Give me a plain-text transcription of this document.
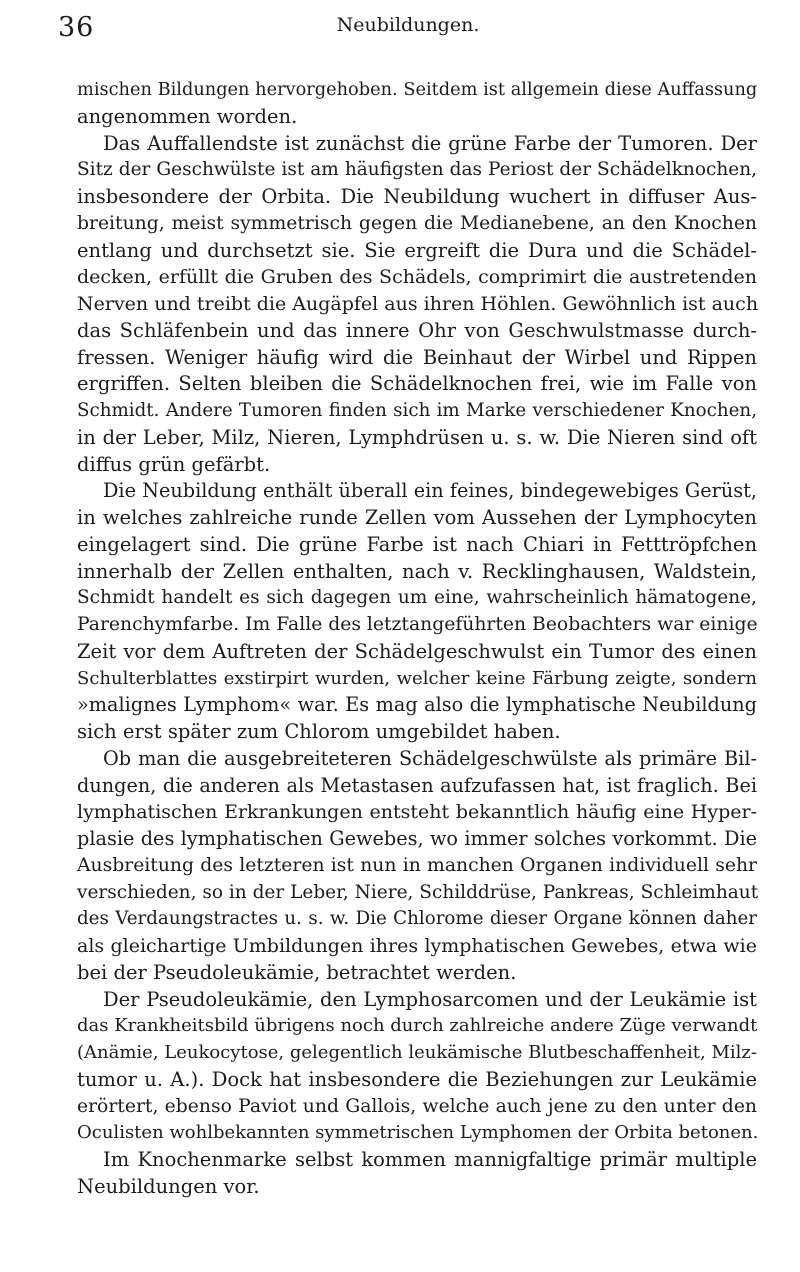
36	Neubildungen.
mischen Bildungen hervorgehoben. Seitdem ist allgemein diese Auffassung
angenommen worden.
Das Auffallendste ist zunächst die grüne Farbe der Tumoren. Der
Sitz der Geschwülste ist am häufigsten das Periost der Schädelknochen,
insbesondere der Orbita. Die Neubildung wuchert in diffuser Aus-
breitung, meist symmetrisch gegen die Medianebene, an den Knochen
entlang und durchsetzt sie. Sie ergreift die Dura und die Schädel-
decken, erfüllt die Gruben des Schädels, comprimirt die austretenden
Nerven und treibt die Augäpfel aus ihren Höhlen. Gewöhnlich ist auch
das Schläfenbein und das innere Ohr von Geschwulstmasse durch-
fressen. Weniger häufig wird die Beinhaut der Wirbel und Rippen
ergriffen. Selten bleiben die Schädelknochen frei, wie im Falle von
Schmidt. Andere Tumoren finden sich im Marke verschiedener Knochen,
in der Leber, Milz, Nieren, Lymphdrüsen u. s. w. Die Nieren sind oft
diffus grün gefärbt.
Die Neubildung enthält überall ein feines, bindegewebiges Gerüst,
in welches zahlreiche runde Zellen vom Aussehen der Lymphocyten
eingelagert sind. Die grüne Farbe ist nach Chiari in Fetttröpfchen
innerhalb der Zellen enthalten, nach v. Recklinghausen, Waldstein,
Schmidt handelt es sich dagegen um eine, wahrscheinlich hämatogene,
Parenchymfarbe. Im Falle des letztangeführten Beobachters war einige
Zeit vor dem Auftreten der Schädelgeschwulst ein Tumor des einen
Schulterblattes exstirpirt wurden, welcher keine Färbung zeigte, sondern
»malignes Lymphom« war. Es mag also die lymphatische Neubildung
sich erst später zum Chlorom umgebildet haben.
Ob man die ausgebreiteteren Schädelgeschwülste als primäre Bil-
dungen, die anderen als Metastasen aufzufassen hat, ist fraglich. Bei
lymphatischen Erkrankungen entsteht bekanntlich häufig eine Hyper-
plasie des lymphatischen Gewebes, wo immer solches vorkommt. Die
Ausbreitung des letzteren ist nun in manchen Organen individuell sehr
verschieden, so in der Leber, Niere, Schilddrüse, Pankreas, Schleimhaut
des Verdaungstractes u. s. w. Die Chlorome dieser Organe können daher
als gleichartige Umbildungen ihres lymphatischen Gewebes, etwa wie
bei der Pseudoleukämie, betrachtet werden.
Der Pseudoleukämie, den Lymphosarcomen und der Leukämie ist
das Krankheitsbild übrigens noch durch zahlreiche andere Züge verwandt
(Anämie, Leukocytose, gelegentlich leukämische Blutbeschaffenheit, Milz-
tumor u. A.). Dock hat insbesondere die Beziehungen zur Leukämie
erörtert, ebenso Paviot und Gallois, welche auch jene zu den unter den
Oculisten wohlbekannten symmetrischen Lymphomen der Orbita betonen.
Im Knochenmarke selbst kommen mannigfaltige primär multiple
Neubildungen vor.
